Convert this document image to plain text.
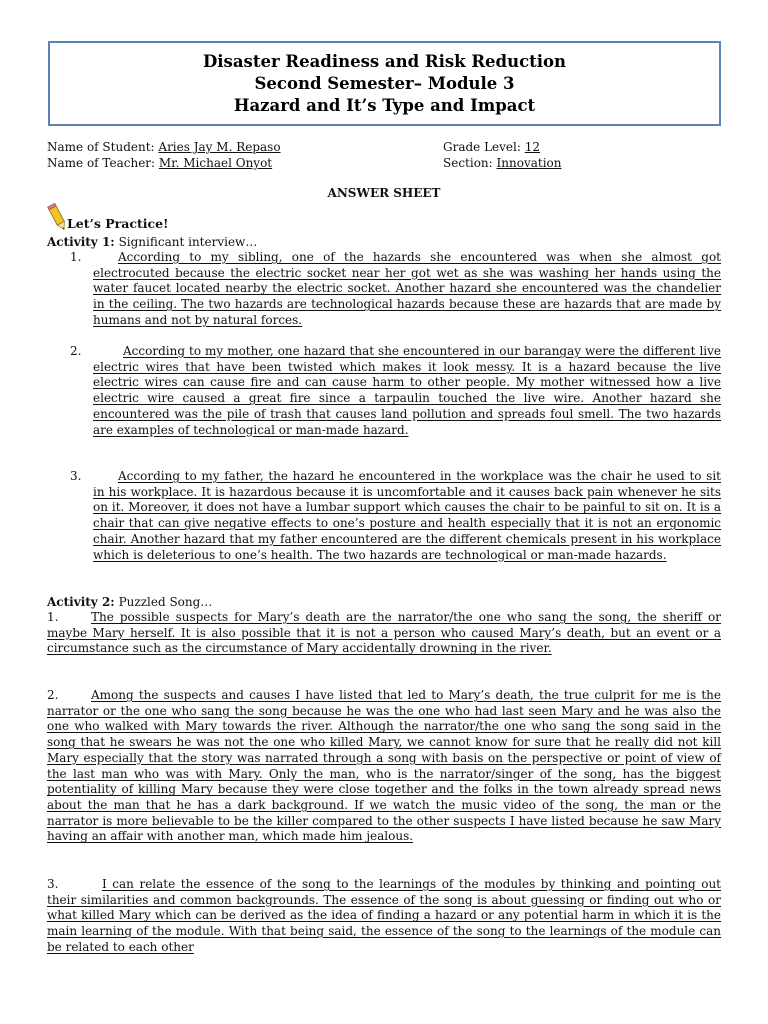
Disaster Readiness and Risk Reduction
Second Semester– Module 3
Hazard and It’s Type and Impact
Name of Student: Aries Jay M. Repaso
Name of Teacher: Mr. Michael Onyot
Grade Level: 12
Section: Innovation
ANSWER SHEET
Let’s Practice!
Activity 1: Significant interview…
1.	According to my sibling, one of the hazards she encountered was when she almost got electrocuted because the electric socket near her got wet as she was washing her hands using the water faucet located nearby the electric socket. Another hazard she encountered was the chandelier in the ceiling. The two hazards are technological hazards because these are hazards that are made by humans and not by natural forces.
2.	According to my mother, one hazard that she encountered in our barangay were the different live electric wires that have been twisted which makes it look messy. It is a hazard because the live electric wires can cause fire and can cause harm to other people. My mother witnessed how a live electric wire caused a great fire since a tarpaulin touched the live wire. Another hazard she encountered was the pile of trash that causes land pollution and spreads foul smell. The two hazards are examples of technological or man-made hazard.
3.	According to my father, the hazard he encountered in the workplace was the chair he used to sit in his workplace. It is hazardous because it is uncomfortable and it causes back pain whenever he sits on it. Moreover, it does not have a lumbar support which causes the chair to be painful to sit on. It is a chair that can give negative effects to one’s posture and health especially that it is not an ergonomic chair. Another hazard that my father encountered are the different chemicals present in his workplace which is deleterious to one’s health. The two hazards are technological or man-made hazards.
Activity 2: Puzzled Song…
1.	The possible suspects for Mary’s death are the narrator/the one who sang the song, the sheriff or maybe Mary herself. It is also possible that it is not a person who caused Mary’s death, but an event or a circumstance such as the circumstance of Mary accidentally drowning in the river.
2.	Among the suspects and causes I have listed that led to Mary’s death, the true culprit for me is the narrator or the one who sang the song because he was the one who had last seen Mary and he was also the one who walked with Mary towards the river. Although the narrator/the one who sang the song said in the song that he swears he was not the one who killed Mary, we cannot know for sure that he really did not kill Mary especially that the story was narrated through a song with basis on the perspective or point of view of the last man who was with Mary. Only the man, who is the narrator/singer of the song, has the biggest potentiality of killing Mary because they were close together and the folks in the town already spread news about the man that he has a dark background. If we watch the music video of the song, the man or the narrator is more believable to be the killer compared to the other suspects I have listed because he saw Mary having an affair with another man, which made him jealous.
3.	I can relate the essence of the song to the learnings of the modules by thinking and pointing out their similarities and common backgrounds. The essence of the song is about guessing or finding out who or what killed Mary which can be derived as the idea of finding a hazard or any potential harm in which it is the main learning of the module. With that being said, the essence of the song to the learnings of the module can be related to each other
